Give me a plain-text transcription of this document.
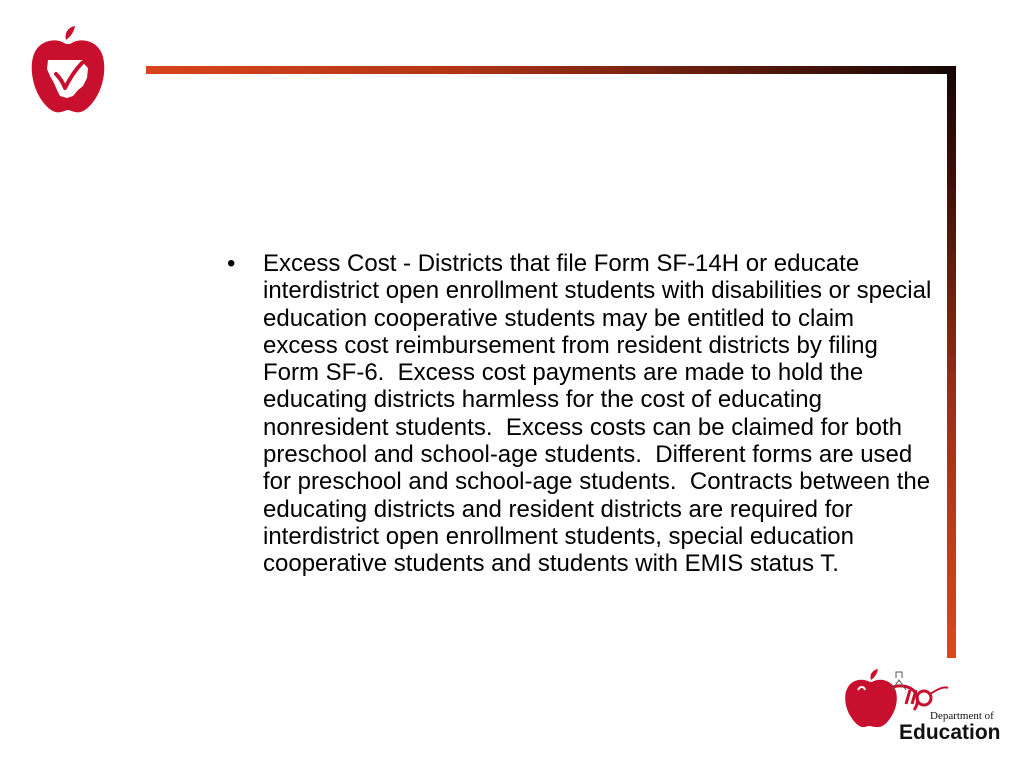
•	Excess Cost - Districts that file Form SF-14H or educate interdistrict open enrollment students with disabilities or special education cooperative students may be entitled to claim excess cost reimbursement from resident districts by filing Form SF-6.  Excess cost payments are made to hold the educating districts harmless for the cost of educating nonresident students.  Excess costs can be claimed for both preschool and school-age students.  Different forms are used for preschool and school-age students.  Contracts between the educating districts and resident districts are required for interdistrict open enrollment students, special education cooperative students and students with EMIS status T.
Department of
Education
